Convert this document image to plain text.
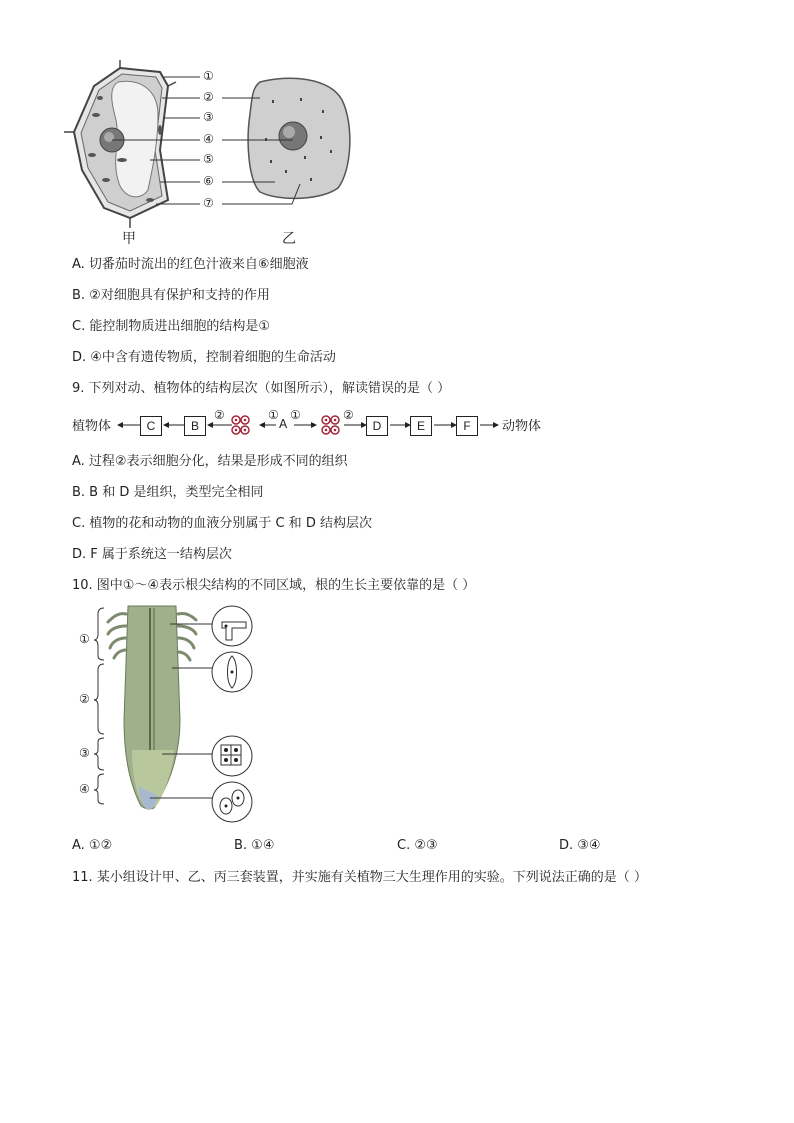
①
②
③
④
⑤
⑥
⑦
甲	乙
A. 切番茄时流出的红色汁液来自⑥细胞液
B. ②对细胞具有保护和支持的作用
C. 能控制物质进出细胞的结构是①
D. ④中含有遗传物质，控制着细胞的生命活动
9. 下列对动、植物体的结构层次（如图所示），解读错误的是（ ）
植物体	C	B	A	D	E	F
②	① ①	②
动物体
A. 过程②表示细胞分化，结果是形成不同的组织
B. B 和 D 是组织，类型完全相同
C. 植物的花和动物的血液分别属于 C 和 D 结构层次
D. F 属于系统这一结构层次
10. 图中①～④表示根尖结构的不同区域，根的生长主要依靠的是（ ）
①
②
③
④
A. ①②	B. ①④	C. ②③	D. ③④
11. 某小组设计甲、乙、丙三套装置，并实施有关植物三大生理作用的实验。下列说法正确的是（ ）
